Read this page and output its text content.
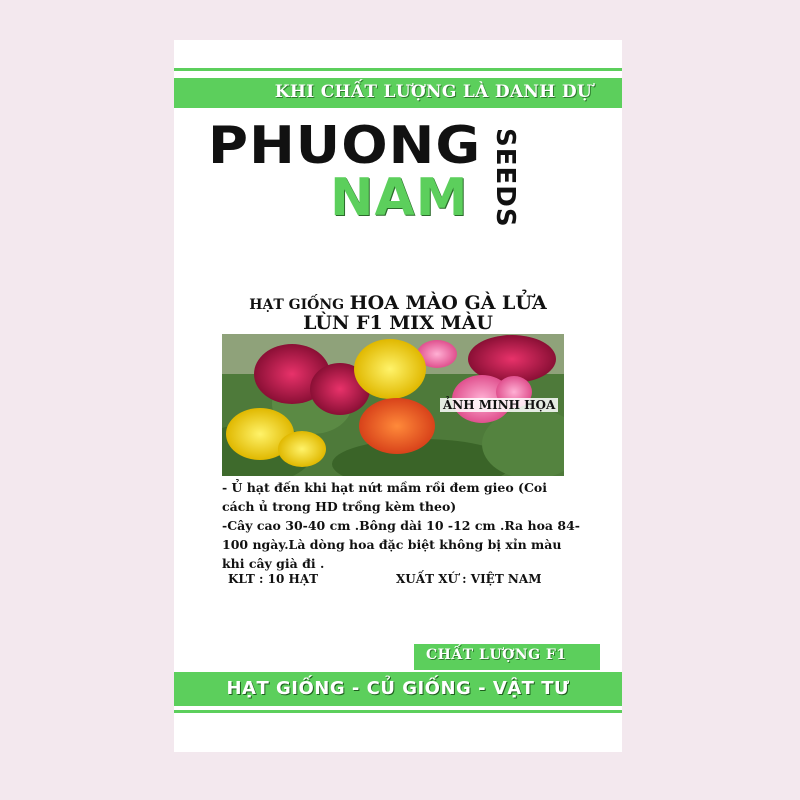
KHI CHẤT LƯỢNG LÀ DANH DỰ
PHUONG
NAM SEEDS
HẠT GIỐNG HOA MÀO GÀ LỬA
LÙN F1 MIX MÀU
ẢNH MINH HỌA

- Ủ hạt đến khi hạt nứt mầm rồi đem gieo (Coi cách ủ trong HD trồng kèm theo)

-Cây cao 30-40 cm .Bông dài 10 -12 cm .Ra hoa 84-100 ngày.Là dòng hoa đặc biệt không bị xỉn màu khi cây già đi .

KLT : 10 HẠT	XUẤT XỨ : VIỆT NAM
CHẤT LƯỢNG F1
HẠT GIỐNG - CỦ GIỐNG - VẬT TƯ
